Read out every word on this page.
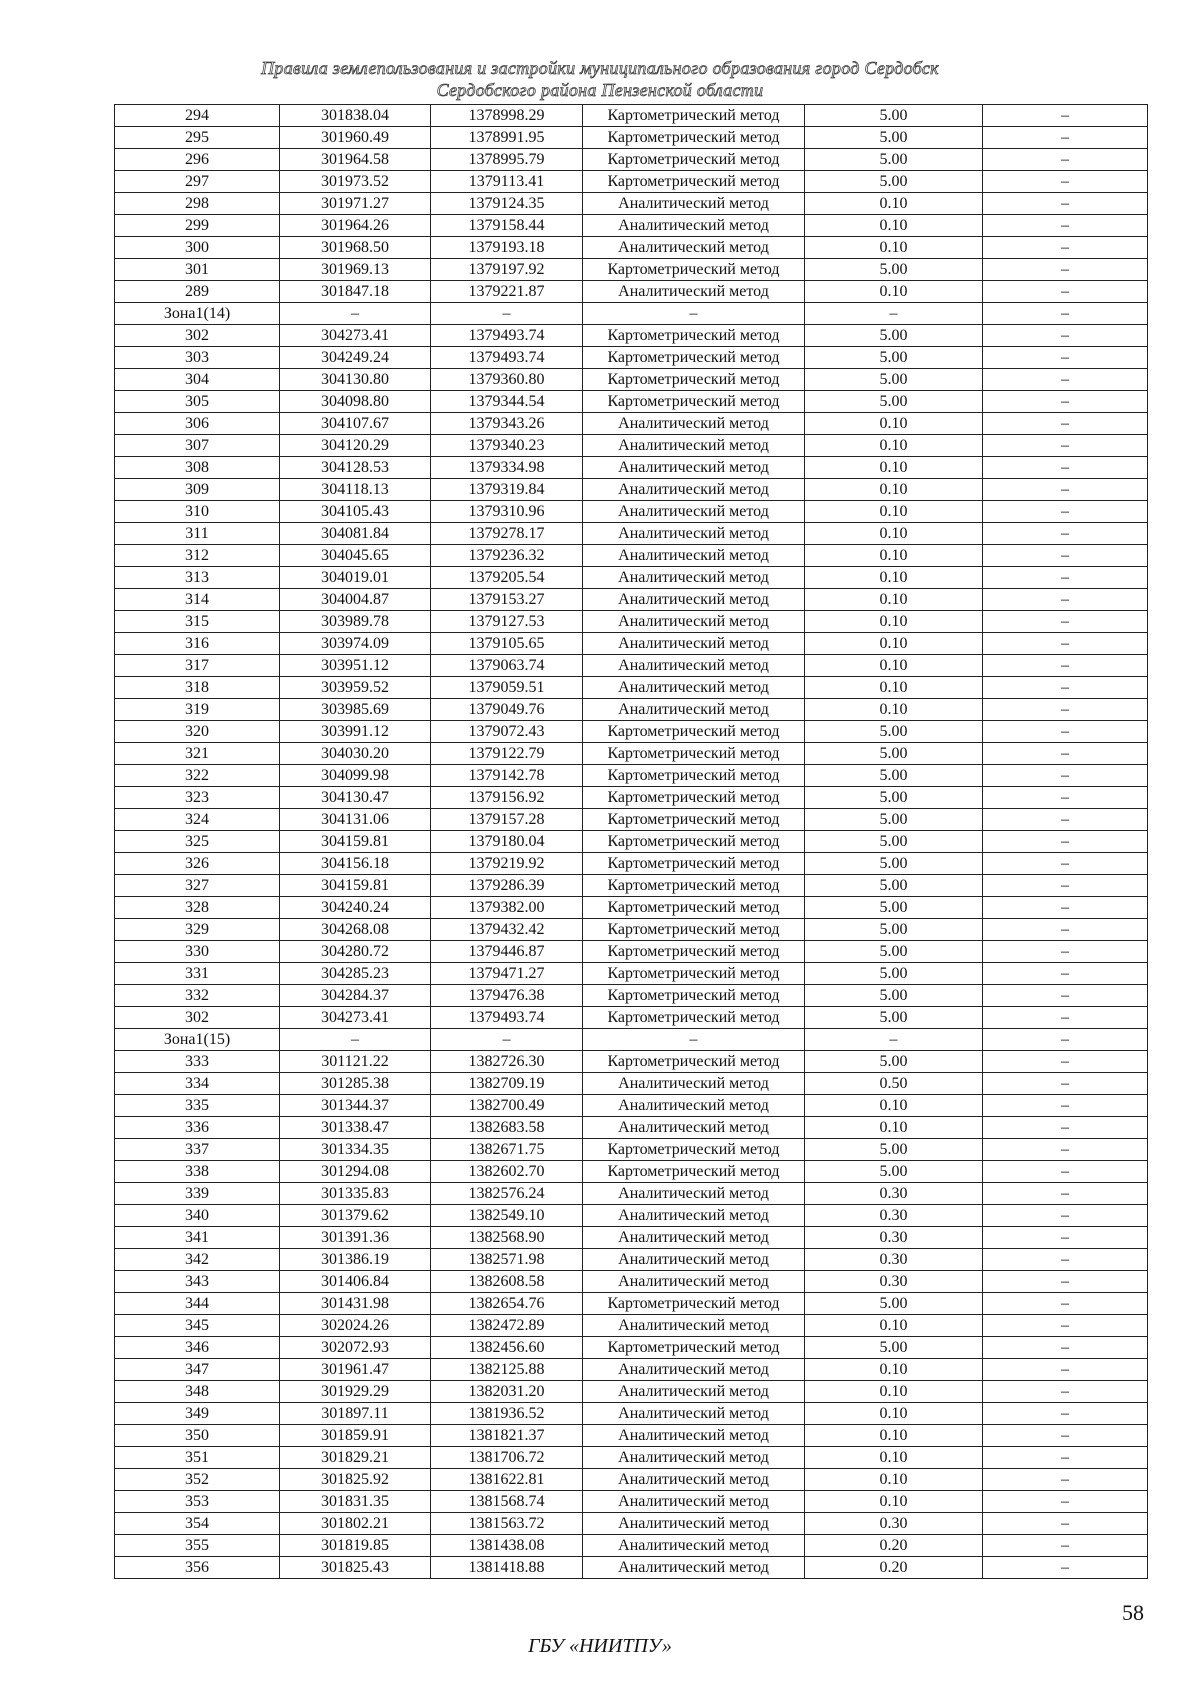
Правила землепользования и застройки муниципального образования город Сердобск
Сердобского района Пензенской области
294	301838.04	1378998.29	Картометрический метод	5.00	–
295	301960.49	1378991.95	Картометрический метод	5.00	–
296	301964.58	1378995.79	Картометрический метод	5.00	–
297	301973.52	1379113.41	Картометрический метод	5.00	–
298	301971.27	1379124.35	Аналитический метод	0.10	–
299	301964.26	1379158.44	Аналитический метод	0.10	–
300	301968.50	1379193.18	Аналитический метод	0.10	–
301	301969.13	1379197.92	Картометрический метод	5.00	–
289	301847.18	1379221.87	Аналитический метод	0.10	–
Зона1(14)	–	–	–	–	–
302	304273.41	1379493.74	Картометрический метод	5.00	–
303	304249.24	1379493.74	Картометрический метод	5.00	–
304	304130.80	1379360.80	Картометрический метод	5.00	–
305	304098.80	1379344.54	Картометрический метод	5.00	–
306	304107.67	1379343.26	Аналитический метод	0.10	–
307	304120.29	1379340.23	Аналитический метод	0.10	–
308	304128.53	1379334.98	Аналитический метод	0.10	–
309	304118.13	1379319.84	Аналитический метод	0.10	–
310	304105.43	1379310.96	Аналитический метод	0.10	–
311	304081.84	1379278.17	Аналитический метод	0.10	–
312	304045.65	1379236.32	Аналитический метод	0.10	–
313	304019.01	1379205.54	Аналитический метод	0.10	–
314	304004.87	1379153.27	Аналитический метод	0.10	–
315	303989.78	1379127.53	Аналитический метод	0.10	–
316	303974.09	1379105.65	Аналитический метод	0.10	–
317	303951.12	1379063.74	Аналитический метод	0.10	–
318	303959.52	1379059.51	Аналитический метод	0.10	–
319	303985.69	1379049.76	Аналитический метод	0.10	–
320	303991.12	1379072.43	Картометрический метод	5.00	–
321	304030.20	1379122.79	Картометрический метод	5.00	–
322	304099.98	1379142.78	Картометрический метод	5.00	–
323	304130.47	1379156.92	Картометрический метод	5.00	–
324	304131.06	1379157.28	Картометрический метод	5.00	–
325	304159.81	1379180.04	Картометрический метод	5.00	–
326	304156.18	1379219.92	Картометрический метод	5.00	–
327	304159.81	1379286.39	Картометрический метод	5.00	–
328	304240.24	1379382.00	Картометрический метод	5.00	–
329	304268.08	1379432.42	Картометрический метод	5.00	–
330	304280.72	1379446.87	Картометрический метод	5.00	–
331	304285.23	1379471.27	Картометрический метод	5.00	–
332	304284.37	1379476.38	Картометрический метод	5.00	–
302	304273.41	1379493.74	Картометрический метод	5.00	–
Зона1(15)	–	–	–	–	–
333	301121.22	1382726.30	Картометрический метод	5.00	–
334	301285.38	1382709.19	Аналитический метод	0.50	–
335	301344.37	1382700.49	Аналитический метод	0.10	–
336	301338.47	1382683.58	Аналитический метод	0.10	–
337	301334.35	1382671.75	Картометрический метод	5.00	–
338	301294.08	1382602.70	Картометрический метод	5.00	–
339	301335.83	1382576.24	Аналитический метод	0.30	–
340	301379.62	1382549.10	Аналитический метод	0.30	–
341	301391.36	1382568.90	Аналитический метод	0.30	–
342	301386.19	1382571.98	Аналитический метод	0.30	–
343	301406.84	1382608.58	Аналитический метод	0.30	–
344	301431.98	1382654.76	Картометрический метод	5.00	–
345	302024.26	1382472.89	Аналитический метод	0.10	–
346	302072.93	1382456.60	Картометрический метод	5.00	–
347	301961.47	1382125.88	Аналитический метод	0.10	–
348	301929.29	1382031.20	Аналитический метод	0.10	–
349	301897.11	1381936.52	Аналитический метод	0.10	–
350	301859.91	1381821.37	Аналитический метод	0.10	–
351	301829.21	1381706.72	Аналитический метод	0.10	–
352	301825.92	1381622.81	Аналитический метод	0.10	–
353	301831.35	1381568.74	Аналитический метод	0.10	–
354	301802.21	1381563.72	Аналитический метод	0.30	–
355	301819.85	1381438.08	Аналитический метод	0.20	–
356	301825.43	1381418.88	Аналитический метод	0.20	–
58
ГБУ «НИИТПУ»
